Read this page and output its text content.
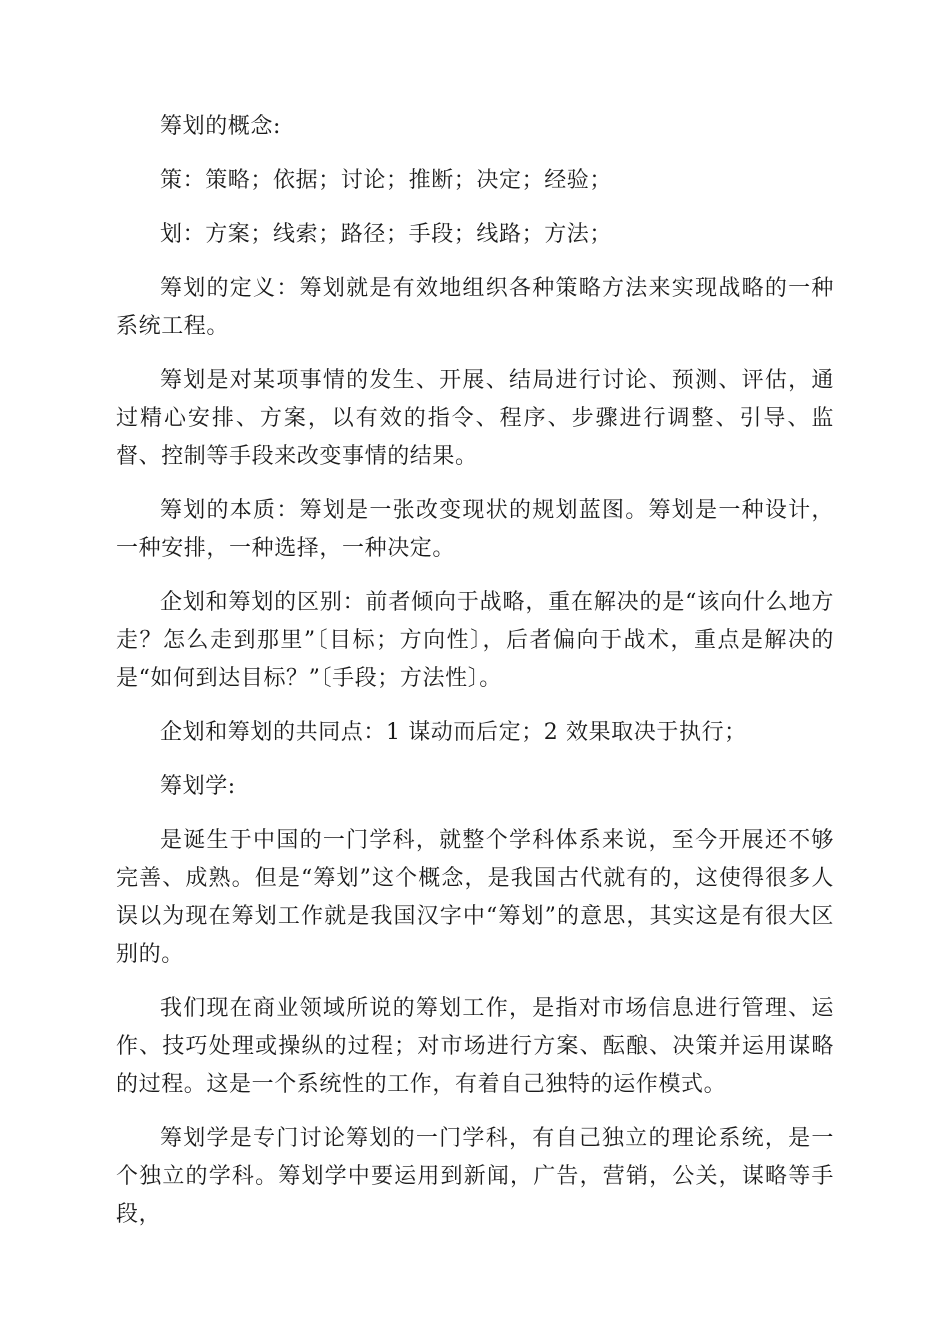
筹划的概念:

策：策略；依据；讨论；推断；决定；经验；

划：方案；线索；路径；手段；线路；方法；

筹划的定义：筹划就是有效地组织各种策略方法来实现战略的一种系统工程。

筹划是对某项事情的发生、开展、结局进行讨论、预测、评估，通过精心安排、方案，以有效的指令、程序、步骤进行调整、引导、监督、控制等手段来改变事情的结果。

筹划的本质：筹划是一张改变现状的规划蓝图。筹划是一种设计，一种安排，一种选择，一种决定。

企划和筹划的区别：前者倾向于战略，重在解决的是“该向什么地方走？怎么走到那里”〔目标；方向性〕，后者偏向于战术，重点是解决的是“如何到达目标？”〔手段；方法性〕。

企划和筹划的共同点：1 谋动而后定；2 效果取决于执行；

筹划学:

是诞生于中国的一门学科，就整个学科体系来说，至今开展还不够完善、成熟。但是“筹划”这个概念，是我国古代就有的，这使得很多人误以为现在筹划工作就是我国汉字中“筹划”的意思，其实这是有很大区别的。

我们现在商业领域所说的筹划工作，是指对市场信息进行管理、运作、技巧处理或操纵的过程；对市场进行方案、酝酿、决策并运用谋略的过程。这是一个系统性的工作，有着自己独特的运作模式。

筹划学是专门讨论筹划的一门学科，有自己独立的理论系统，是一个独立的学科。筹划学中要运用到新闻，广告，营销，公关，谋略等手段，
